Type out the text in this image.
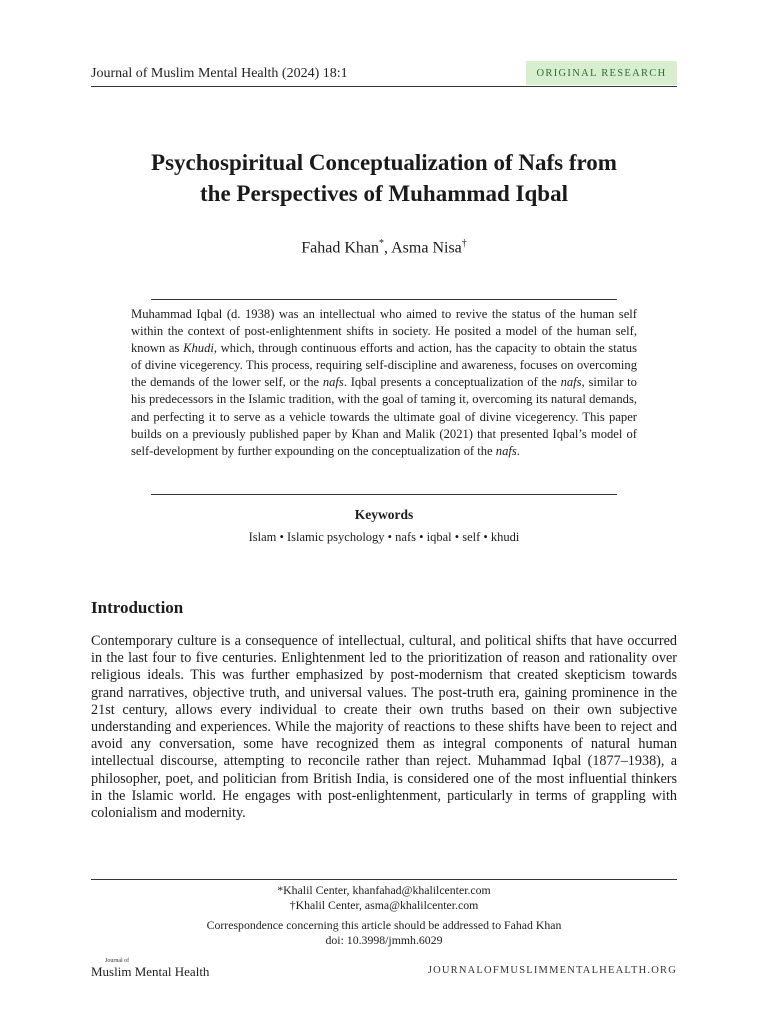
Journal of Muslim Mental Health (2024) 18:1	ORIGINAL RESEARCH
Psychospiritual Conceptualization of Nafs from
the Perspectives of Muhammad Iqbal
Fahad Khan*, Asma Nisa†

Muhammad Iqbal (d. 1938) was an intellectual who aimed to revive the status of the human self within the context of post-enlightenment shifts in society. He posited a model of the human self, known as Khudi, which, through continuous efforts and action, has the capacity to obtain the status of divine vicegerency. This process, requiring self-discipline and awareness, focuses on overcoming the demands of the lower self, or the nafs. Iqbal presents a conceptualization of the nafs, similar to his predecessors in the Islamic tradition, with the goal of taming it, overcoming its natural demands, and perfecting it to serve as a vehicle towards the ultimate goal of divine vicegerency. This paper builds on a previously published paper by Khan and Malik (2021) that presented Iqbal’s model of self-development by further expounding on the conceptualization of the nafs.

Keywords
Islam • Islamic psychology • nafs • iqbal • self • khudi
Introduction

Contemporary culture is a consequence of intellectual, cultural, and political shifts that have occurred in the last four to five centuries. Enlightenment led to the prioritization of reason and rationality over religious ideals. This was further emphasized by post-modernism that created skepticism towards grand narratives, objective truth, and universal values. The post-truth era, gaining prominence in the 21st century, allows every individual to create their own truths based on their own subjective understanding and experiences. While the majority of reactions to these shifts have been to reject and avoid any conversation, some have recognized them as integral components of natural human intellectual discourse, attempting to reconcile rather than reject. Muhammad Iqbal (1877–1938), a philosopher, poet, and politician from British India, is considered one of the most influential thinkers in the Islamic world. He engages with post-enlightenment, particularly in terms of grappling with colonialism and modernity.

*Khalil Center, khanfahad@khalilcenter.com
†Khalil Center, asma@khalilcenter.com
Correspondence concerning this article should be addressed to Fahad Khan
doi: 10.3998/jmmh.6029
Journal of
Muslim Mental Health	JOURNALOFMUSLIMMENTALHEALTH.ORG
